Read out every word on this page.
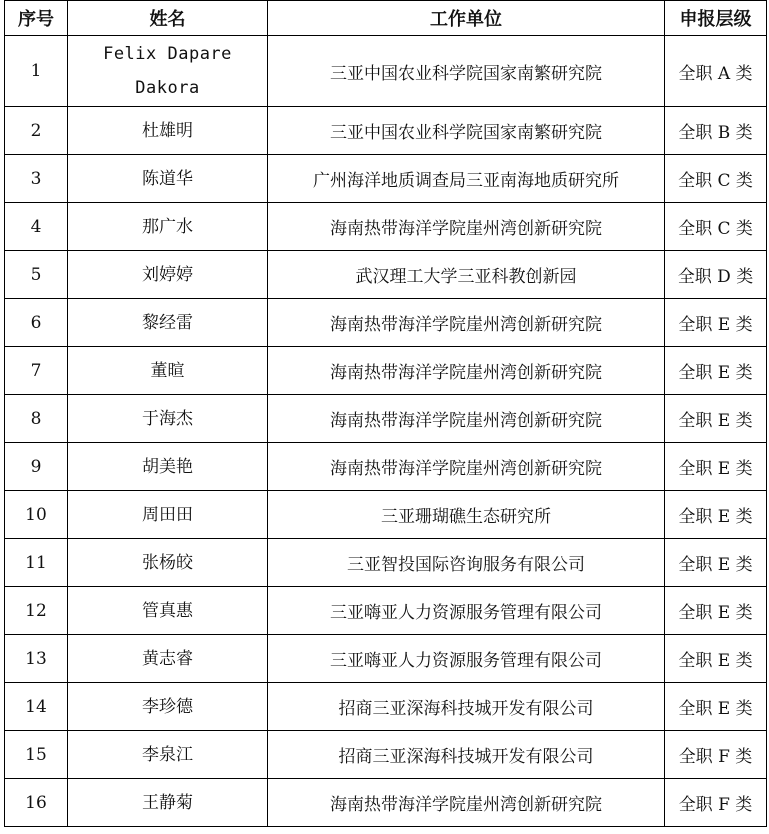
序号	姓名	工作单位	申报层级
1	Felix Dapare Dakora	三亚中国农业科学院国家南繁研究院	全职 A 类
2	杜雄明	三亚中国农业科学院国家南繁研究院	全职 B 类
3	陈道华	广州海洋地质调查局三亚南海地质研究所	全职 C 类
4	那广水	海南热带海洋学院崖州湾创新研究院	全职 C 类
5	刘婷婷	武汉理工大学三亚科教创新园	全职 D 类
6	黎经雷	海南热带海洋学院崖州湾创新研究院	全职 E 类
7	董暄	海南热带海洋学院崖州湾创新研究院	全职 E 类
8	于海杰	海南热带海洋学院崖州湾创新研究院	全职 E 类
9	胡美艳	海南热带海洋学院崖州湾创新研究院	全职 E 类
10	周田田	三亚珊瑚礁生态研究所	全职 E 类
11	张杨皎	三亚智投国际咨询服务有限公司	全职 E 类
12	管真惠	三亚嗨亚人力资源服务管理有限公司	全职 E 类
13	黄志睿	三亚嗨亚人力资源服务管理有限公司	全职 E 类
14	李珍德	招商三亚深海科技城开发有限公司	全职 E 类
15	李泉江	招商三亚深海科技城开发有限公司	全职 F 类
16	王静菊	海南热带海洋学院崖州湾创新研究院	全职 F 类
